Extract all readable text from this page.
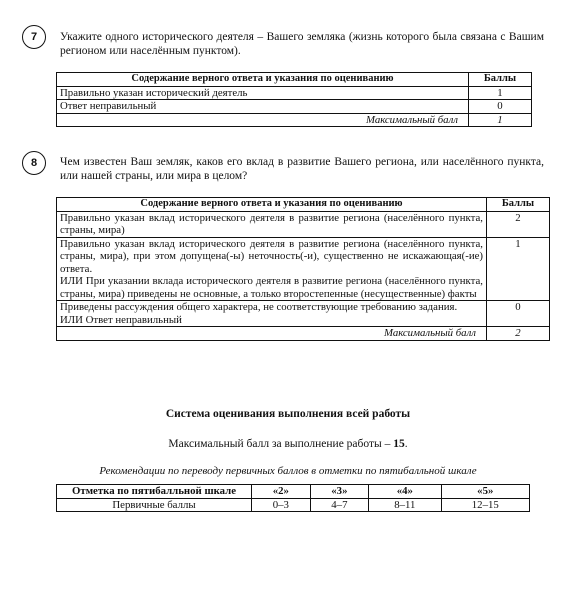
7 Укажите одного исторического деятеля – Вашего земляка (жизнь которого была связана с Вашим регионом или населённым пунктом).
Содержание верного ответа и указания по оцениванию	Баллы
Правильно указан исторический деятель	1
Ответ неправильный	0
Максимальный балл	1
8 Чем известен Ваш земляк, каков его вклад в развитие Вашего региона, или населённого пункта, или нашей страны, или мира в целом?
Содержание верного ответа и указания по оцениванию	Баллы
Правильно указан вклад исторического деятеля в развитие региона (населённого пункта, страны, мира)	2

Правильно указан вклад исторического деятеля в развитие региона (населённого пункта, страны, мира), при этом допущена(-ы) неточность(-и), существенно не искажающая(-ие) ответа.
ИЛИ При указании вклада исторического деятеля в развитие региона (населённого пункта, страны, мира) приведены не основные, а только второстепенные (несущественные) факты	1

Приведены рассуждения общего характера, не соответствующие требованию задания.
ИЛИ Ответ неправильный	0
Максимальный балл	2
Система оценивания выполнения всей работы
Максимальный балл за выполнение работы – 15.
Рекомендации по переводу первичных баллов в отметки по пятибалльной шкале
Отметка по пятибалльной шкале	«2»	«3»	«4»	«5»
Первичные баллы	0–3	4–7	8–11	12–15
